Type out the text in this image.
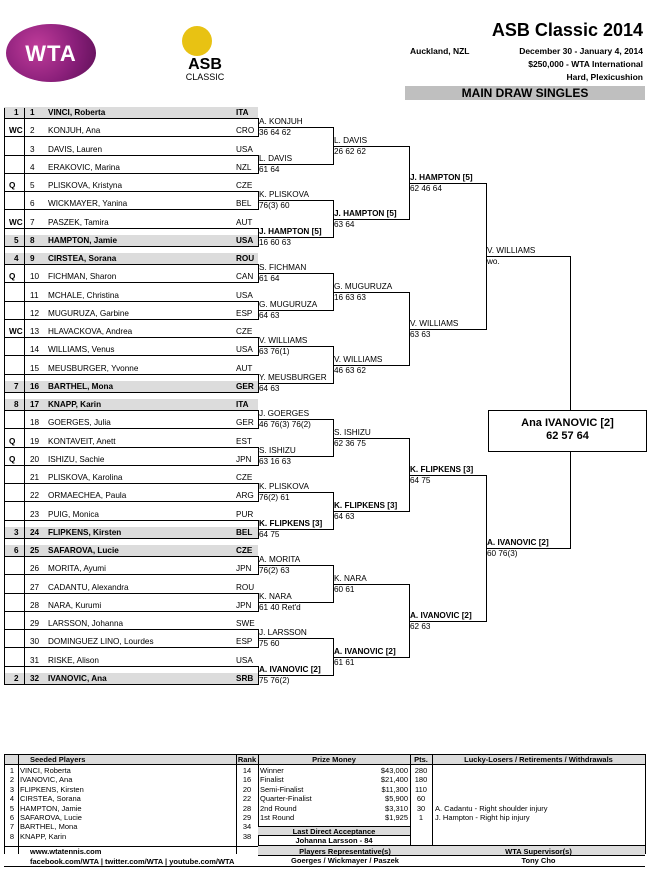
WTA	ASB
CLASSIC
ASB Classic 2014
Auckland, NZL	December 30 - January 4, 2014
$250,000 - WTA International
Hard, Plexicushion
MAIN DRAW SINGLES
Ana IVANOVIC [2]
62 57 64
1 1 VINCI, Roberta	ITA
WC 2 KONJUH, Ana	CRO
3 DAVIS, Lauren	USA
4 ERAKOVIC, Marina	NZL
Q 5 PLISKOVA, Kristyna	CZE
6 WICKMAYER, Yanina	BEL
WC 7 PASZEK, Tamira	AUT
5 8 HAMPTON, Jamie	USA
4 9 CIRSTEA, Sorana	ROU
Q 10 FICHMAN, Sharon	CAN
11 MCHALE, Christina	USA
12 MUGURUZA, Garbine	ESP
WC 13 HLAVACKOVA, Andrea	CZE
14 WILLIAMS, Venus	USA
15 MEUSBURGER, Yvonne	AUT
7 16 BARTHEL, Mona	GER
8 17 KNAPP, Karin	ITA
18 GOERGES, Julia	GER
Q 19 KONTAVEIT, Anett	EST
Q 20 ISHIZU, Sachie	JPN
21 PLISKOVA, Karolina	CZE
22 ORMAECHEA, Paula	ARG
23 PUIG, Monica	PUR
3 24 FLIPKENS, Kirsten	BEL
6 25 SAFAROVA, Lucie	CZE
26 MORITA, Ayumi	JPN
27 CADANTU, Alexandra	ROU
28 NARA, Kurumi	JPN
29 LARSSON, Johanna	SWE
30 DOMINGUEZ LINO, Lourdes	ESP
31 RISKE, Alison	USA
2 32 IVANOVIC, Ana	SRB
A. KONJUH
36 64 62
L. DAVIS
61 64
K. PLISKOVA
76(3) 60
J. HAMPTON [5]
16 60 63
S. FICHMAN
61 64
G. MUGURUZA
64 63
V. WILLIAMS
63 76(1)
Y. MEUSBURGER
64 63
J. GOERGES
46 76(3) 76(2)
S. ISHIZU
63 16 63
K. PLISKOVA
76(2) 61
K. FLIPKENS [3]
64 75
A. MORITA
76(2) 63
K. NARA
61 40 Ret'd
J. LARSSON
75 60
A. IVANOVIC [2]
75 76(2)
L. DAVIS
26 62 62
J. HAMPTON [5]
63 64
G. MUGURUZA
16 63 63
V. WILLIAMS
46 63 62
S. ISHIZU
62 36 75
K. FLIPKENS [3]
64 63
K. NARA
60 61
A. IVANOVIC [2]
61 61
J. HAMPTON [5]
62 46 64
V. WILLIAMS
63 63
K. FLIPKENS [3]
64 75
A. IVANOVIC [2]
62 63
V. WILLIAMS
wo.
A. IVANOVIC [2]
60 76(3)
Seeded Players	Rank	Prize Money	Pts.	Lucky-Losers / Retirements / Withdrawals
1 VINCI, Roberta	14
2 IVANOVIC, Ana	16
3 FLIPKENS, Kirsten	20
4 CIRSTEA, Sorana	22
5 HAMPTON, Jamie	28
6 SAFAROVA, Lucie	29
7 BARTHEL, Mona	34
8 KNAPP, Karin	38
Winner	$43,000 280
Finalist	$21,400 180
Semi-Finalist	$11,300 110
Quarter-Finalist	$5,900	60
2nd Round	$3,310	30
1st Round	$1,925	1
A. Cadantu - Right shoulder injury
J. Hampton - Right hip injury
Last Direct Acceptance
Johanna Larsson - 84
Players Representative(s)	WTA Supervisor(s)
Goerges / Wickmayer / Paszek	Tony Cho
www.wtatennis.com
facebook.com/WTA | twitter.com/WTA | youtube.com/WTA
